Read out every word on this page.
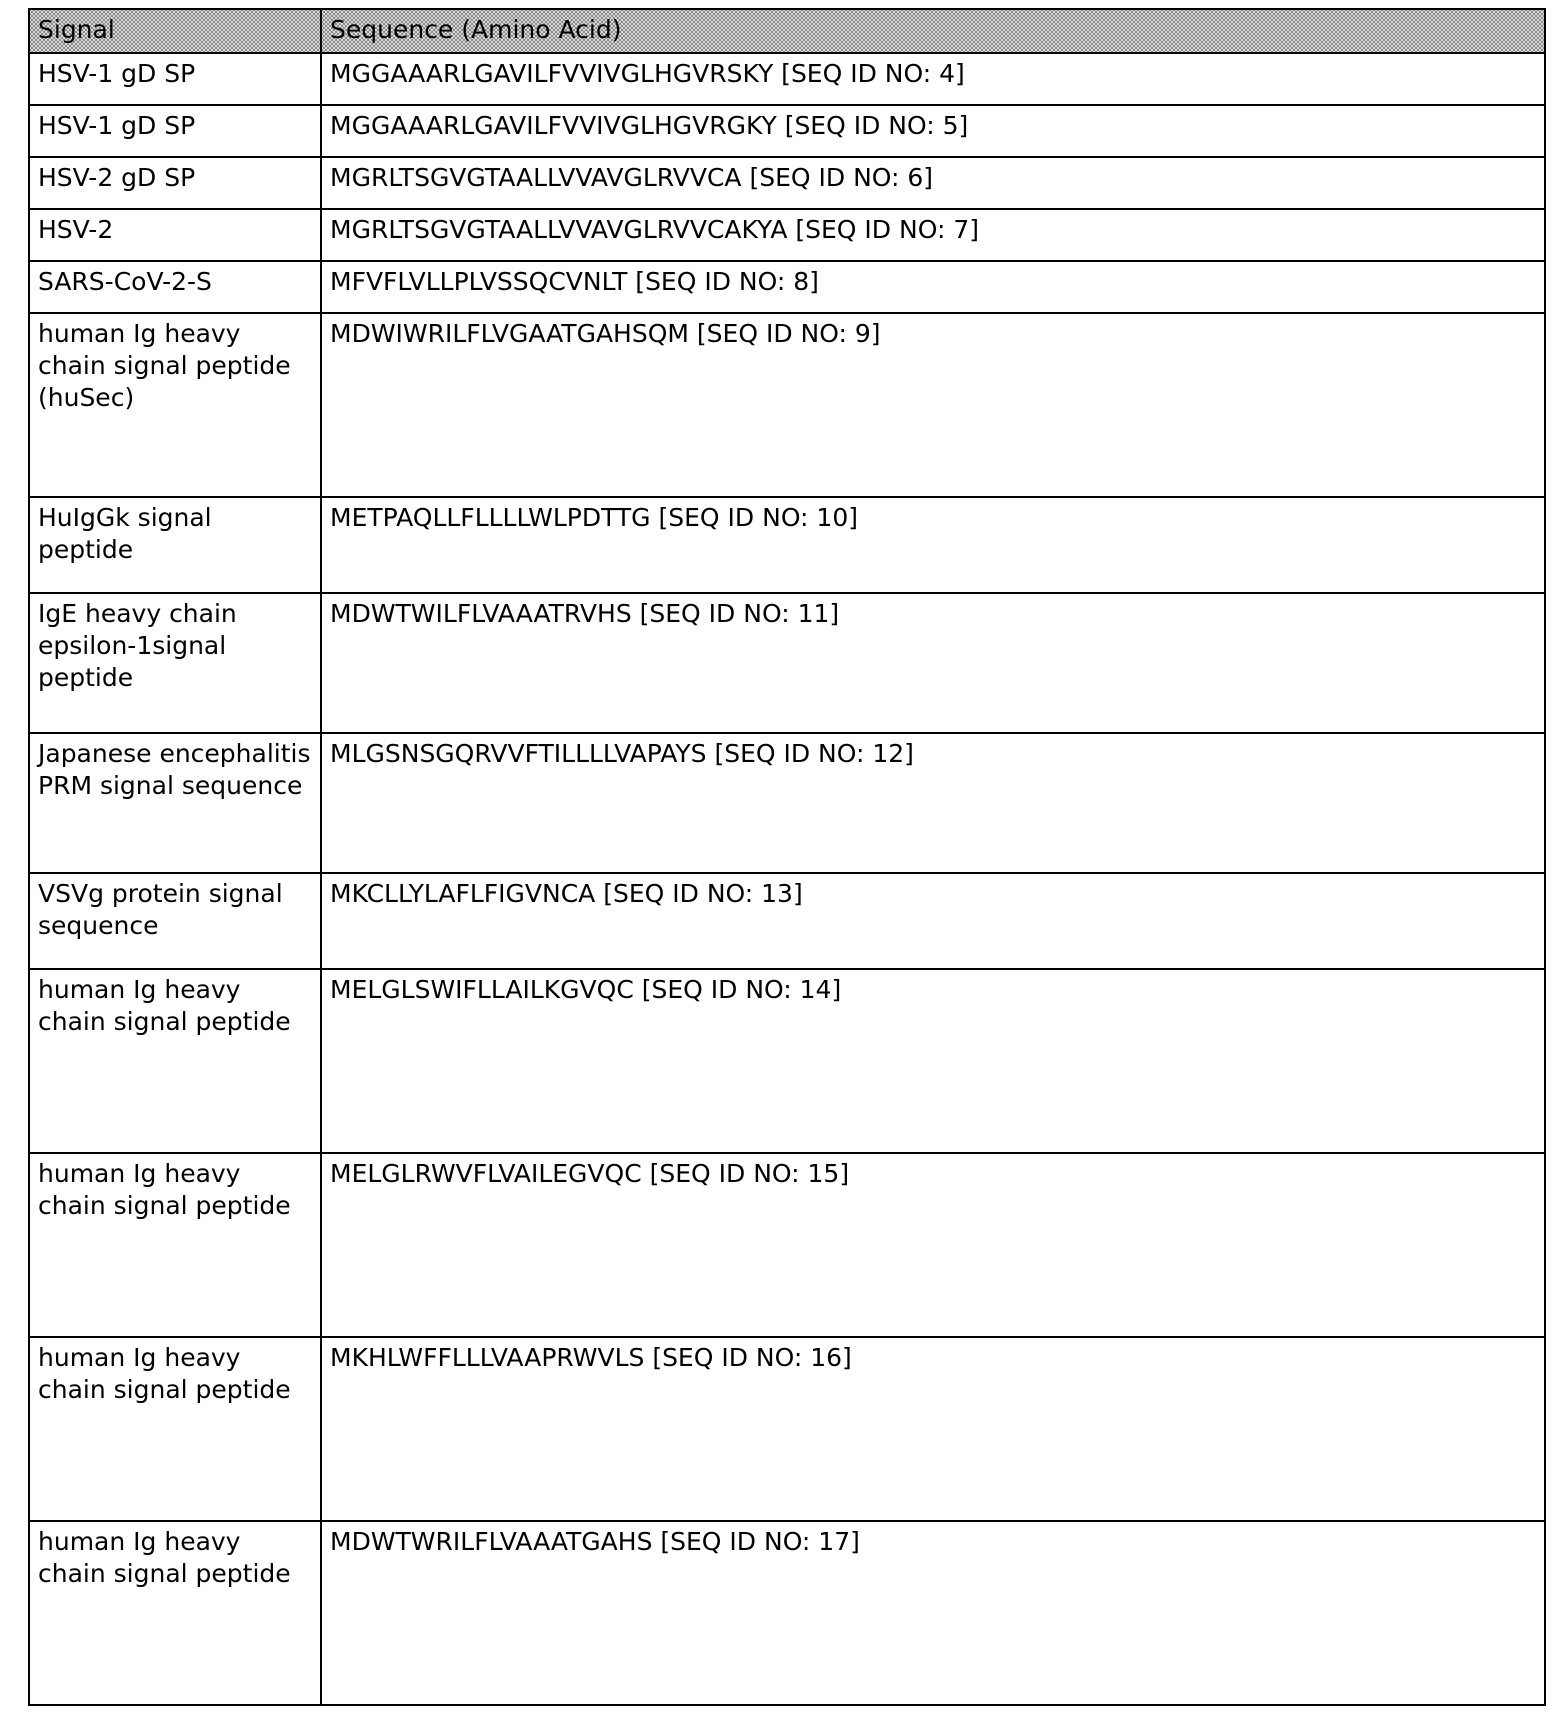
Signal	Sequence (Amino Acid)
HSV-1 gD SP	MGGAAARLGAVILFVVIVGLHGVRSKY [SEQ ID NO: 4]
HSV-1 gD SP	MGGAAARLGAVILFVVIVGLHGVRGKY [SEQ ID NO: 5]
HSV-2 gD SP	MGRLTSGVGTAALLVVAVGLRVVCA [SEQ ID NO: 6]
HSV-2	MGRLTSGVGTAALLVVAVGLRVVCAKYA [SEQ ID NO: 7]
SARS-CoV-2-S	MFVFLVLLPLVSSQCVNLT [SEQ ID NO: 8]
human Ig heavy chain signal peptide (huSec)	MDWIWRILFLVGAATGAHSQM [SEQ ID NO: 9]
HuIgGk signal peptide	METPAQLLFLLLLWLPDTTG [SEQ ID NO: 10]
IgE heavy chain epsilon-1signal peptide	MDWTWILFLVAAATRVHS [SEQ ID NO: 11]
Japanese encephalitis PRM signal sequence	MLGSNSGQRVVFTILLLLVAPAYS [SEQ ID NO: 12]
VSVg protein signal sequence	MKCLLYLAFLFIGVNCA [SEQ ID NO: 13]
human Ig heavy chain signal peptide	MELGLSWIFLLAILKGVQC [SEQ ID NO: 14]
human Ig heavy chain signal peptide	MELGLRWVFLVAILEGVQC [SEQ ID NO: 15]
human Ig heavy chain signal peptide	MKHLWFFLLLVAAPRWVLS [SEQ ID NO: 16]
human Ig heavy chain signal peptide	MDWTWRILFLVAAATGAHS [SEQ ID NO: 17]
